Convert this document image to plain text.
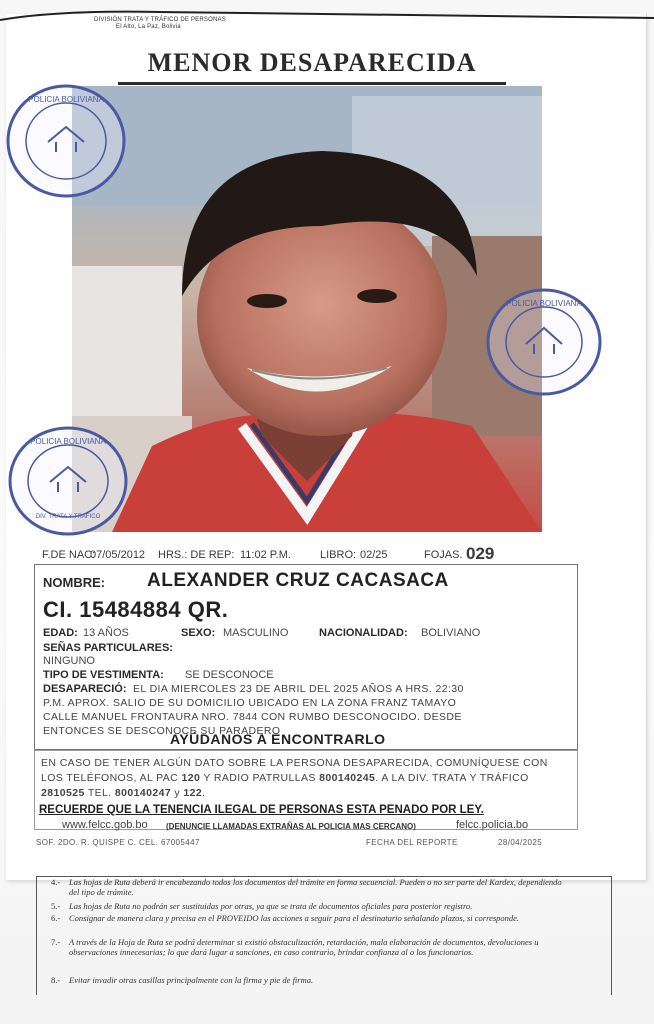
DIVISIÓN TRATA Y TRÁFICO DE PERSONAS
El Alto, La Paz, Bolivia
MENOR DESAPARECIDA
POLICIA BOLIVIANA
POLICIA BOLIVIANA
POLICIA BOLIVIANA
DIV. TRATA Y TRAFICO
F.DE NAC:
07/05/2012 HRS.: DE REP: 11:02 P.M.	LIBRO: 02/25	FOJAS. 029
NOMBRE: ALEXANDER CRUZ CACASACA
CI. 15484884 QR.
EDAD: 13 AÑOS	SEXO: MASCULINO	NACIONALIDAD: BOLIVIANO
SEÑAS PARTICULARES:
NINGUNO
TIPO DE VESTIMENTA: SE DESCONOCE
DESAPARECIÓ: EL DIA MIERCOLES 23 DE ABRIL DEL 2025 AÑOS A HRS. 22:30
P.M. APROX. SALIO DE SU DOMICILIO UBICADO EN LA ZONA FRANZ TAMAYO
CALLE MANUEL FRONTAURA NRO. 7844 CON RUMBO DESCONOCIDO. DESDE
ENTONCES SE DESCONOCE SU PARADERO
AYÚDANOS A ENCONTRARLO
EN CASO DE TENER ALGÚN DATO SOBRE LA PERSONA DESAPARECIDA, COMUNÍQUESE CON
LOS TELÉFONOS, AL PAC 120 Y RADIO PATRULLAS 800140245. A LA DIV. TRATA Y TRÁFICO
2810525 TEL. 800140247 y 122.
RECUERDE QUE LA TENENCIA ILEGAL DE PERSONAS ESTA PENADO POR LEY.
www.felcc.gob.bo (DENUNCIE LLAMADAS EXTRAÑAS AL POLICIA MAS CERCANO)	felcc.policia.bo
SOF. 2DO. R. QUISPE C. CEL. 67005447	FECHA DEL REPORTE	28/04/2025
4.- Las hojas de Ruta deberá ir encabezando todos los documentos del trámite en forma secuencial. Pueden o no ser parte del Kardex, dependiendo del tipo de trámite.
5.- Las hojas de Ruta no podrán ser sustituidas por otras, ya que se trata de documentos oficiales para posterior registro.
6.- Consignar de manera clara y precisa en el PROVEIDO las acciones a seguir para el destinatario señalando plazos, si corresponde.
7.- A través de la Hoja de Ruta se podrá determinar si existió obstaculización, retardación, mala elaboración de documentos, devoluciones u observaciones innecesarias; lo que dará lugar a sanciones, en caso contrario, brindar confianza al o los funcionarios.
8.- Evitar invadir otras casillas principalmente con la firma y pie de firma.
